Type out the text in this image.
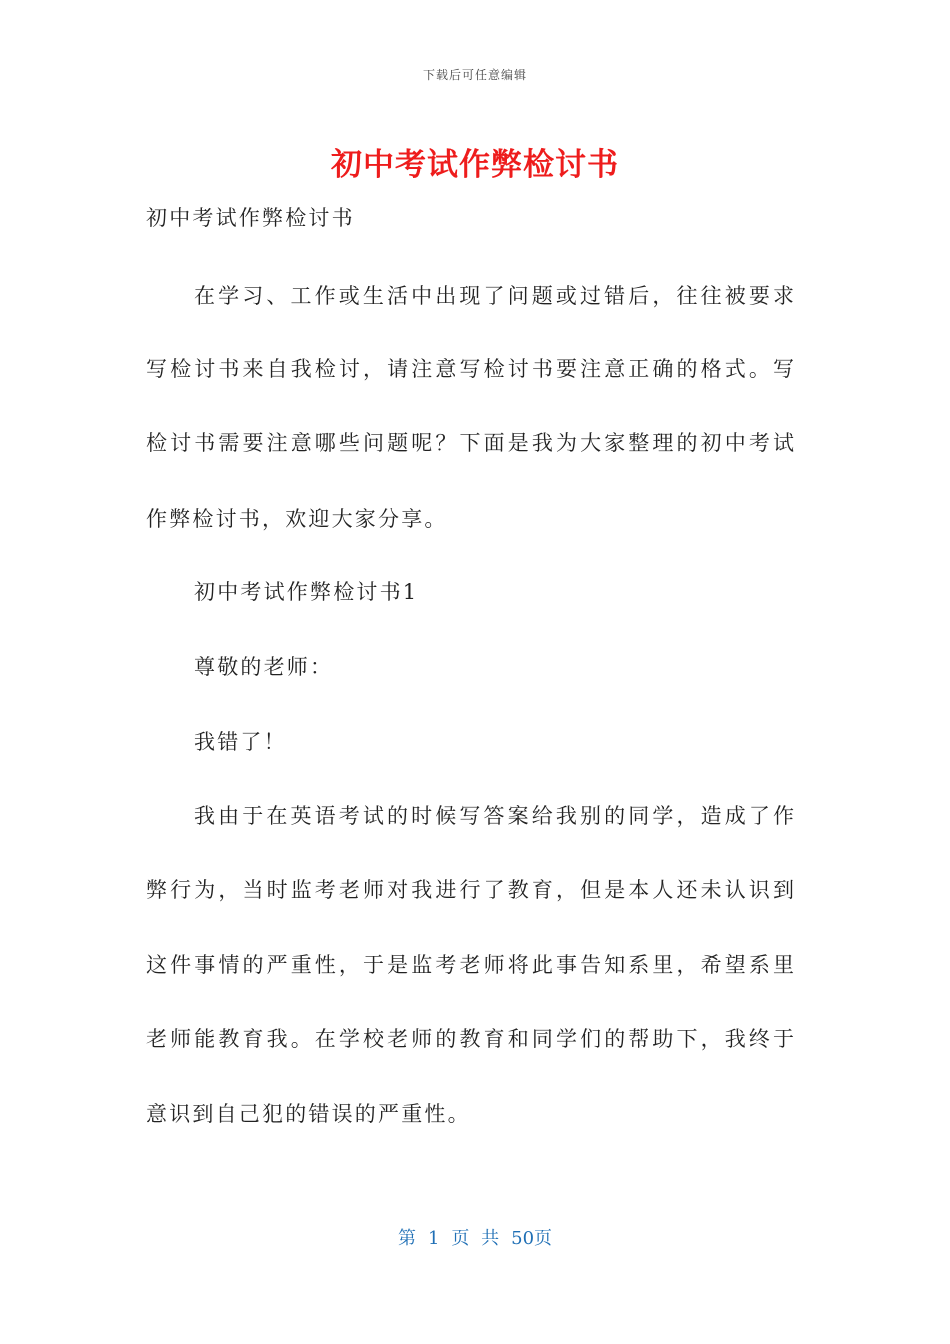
下载后可任意编辑
初中考试作弊检讨书
初中考试作弊检讨书
在学习、工作或生活中出现了问题或过错后，往往被要求
写检讨书来自我检讨，请注意写检讨书要注意正确的格式。写
检讨书需要注意哪些问题呢？下面是我为大家整理的初中考试
作弊检讨书，欢迎大家分享。
初中考试作弊检讨书1
尊敬的老师：
我错了！
我由于在英语考试的时候写答案给我别的同学，造成了作
弊行为，当时监考老师对我进行了教育，但是本人还未认识到
这件事情的严重性，于是监考老师将此事告知系里，希望系里
老师能教育我。在学校老师的教育和同学们的帮助下，我终于
意识到自己犯的错误的严重性。
第 1 页 共 50页
